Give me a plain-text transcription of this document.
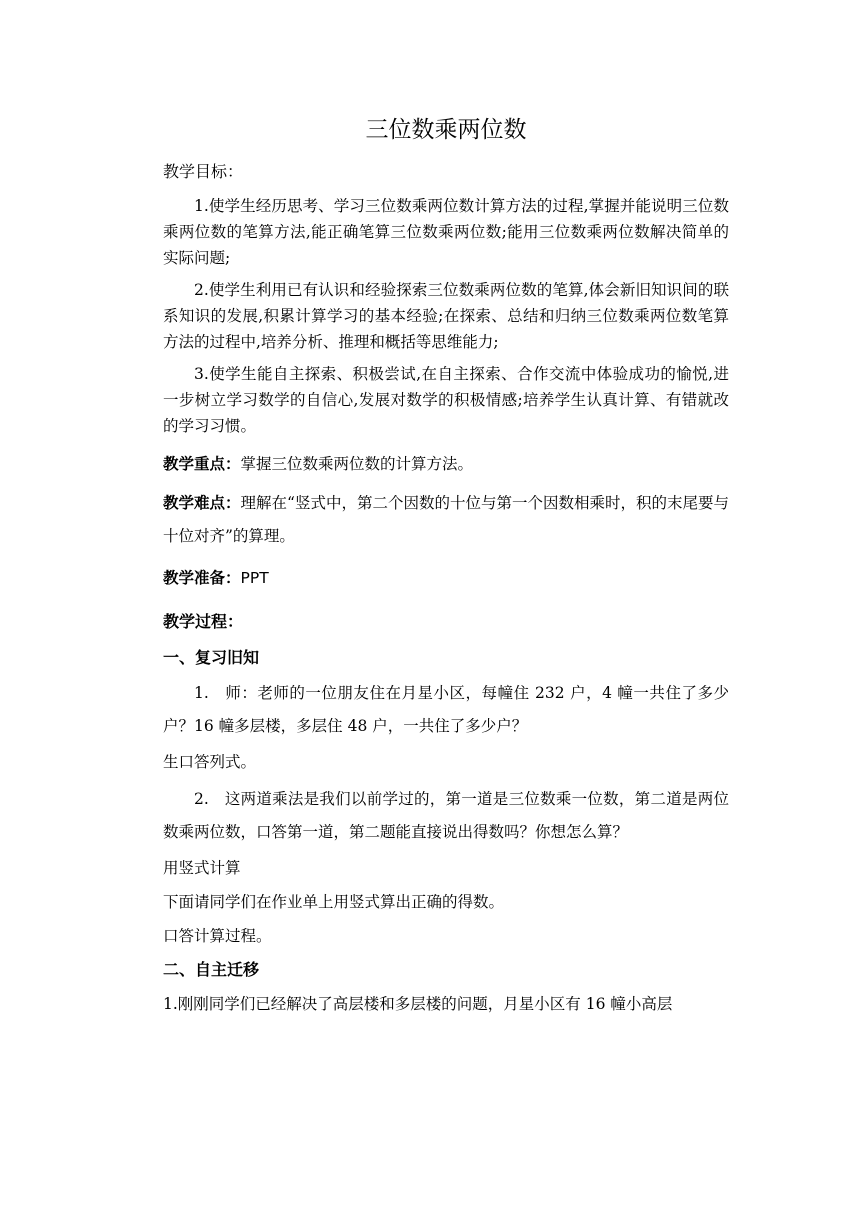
三位数乘两位数
教学目标：
1.使学生经历思考、学习三位数乘两位数计算方法的过程,掌握并能说明三位数乘两位数的笔算方法,能正确笔算三位数乘两位数;能用三位数乘两位数解决简单的实际问题;
2.使学生利用已有认识和经验探索三位数乘两位数的笔算,体会新旧知识间的联系知识的发展,积累计算学习的基本经验;在探索、总结和归纳三位数乘两位数笔算方法的过程中,培养分析、推理和概括等思维能力;
3.使学生能自主探索、积极尝试,在自主探索、合作交流中体验成功的愉悦,进一步树立学习数学的自信心,发展对数学的积极情感;培养学生认真计算、有错就改的学习习惯。
教学重点：掌握三位数乘两位数的计算方法。
教学难点：理解在“竖式中，第二个因数的十位与第一个因数相乘时，积的末尾要与十位对齐”的算理。
教学准备：PPT
教学过程：
一、复习旧知
1.　师：老师的一位朋友住在月星小区，每幢住 232 户，4 幢一共住了多少户？16 幢多层楼，多层住 48 户，一共住了多少户？
生口答列式。
2.　这两道乘法是我们以前学过的，第一道是三位数乘一位数，第二道是两位数乘两位数，口答第一道，第二题能直接说出得数吗？你想怎么算？
用竖式计算
下面请同学们在作业单上用竖式算出正确的得数。
口答计算过程。
二、自主迁移
1.刚刚同学们已经解决了高层楼和多层楼的问题，月星小区有 16 幢小高层
